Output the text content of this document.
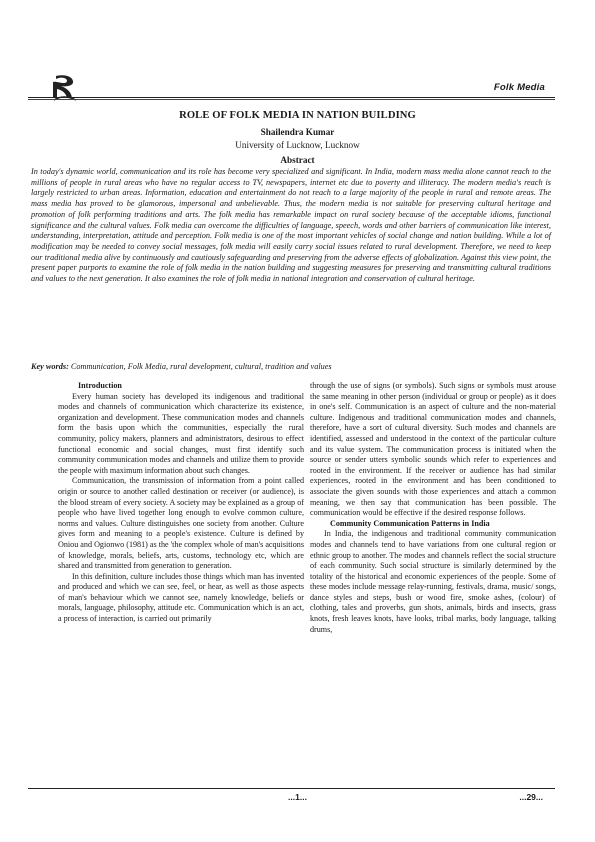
Folk Media
ROLE OF FOLK MEDIA IN NATION BUILDING
Shailendra Kumar
University of Lucknow, Lucknow
Abstract

In today's dynamic world, communication and its role has become very specialized and significant. In India, modern mass media alone cannot reach to the millions of people in rural areas who have no regular access to TV, newspapers, internet etc due to poverty and illiteracy. The modern media's reach is largely restricted to urban areas. Information, education and entertainment do not reach to a large majority of the people in rural and remote areas. The mass media has proved to be glamorous, impersonal and unbelievable. Thus, the modern media is not suitable for preserving cultural heritage and promotion of folk performing traditions and arts. The folk media has remarkable impact on rural society because of the acceptable idioms, functional significance and the cultural values. Folk media can overcome the difficulties of language, speech, words and other barriers of communication like interest, understanding, interpretation, attitude and perception. Folk media is one of the most important vehicles of social change and nation building. While a lot of modification may be needed to convey social messages, folk media will easily carry social issues related to rural development. Therefore, we need to keep our traditional media alive by continuously and cautiously safeguarding and preserving from the adverse effects of globalization. Against this view point, the present paper purports to examine the role of folk media in the nation building and suggesting measures for preserving and transmitting cultural traditions and values to the next generation. It also examines the role of folk media in national integration and conservation of cultural heritage.

Key words: Communication, Folk Media, rural development, cultural, tradition and values

Introduction

Every human society has developed its indigenous and traditional modes and channels of communication which characterize its existence, organization and development. These communication modes and channels form the basis upon which the communities, especially the rural community, policy makers, planners and administrators, desirous to effect functional economic and social changes, must first identify such community communication modes and channels and utilize them to provide the people with maximum information about such changes.

Communication, the transmission of information from a point called origin or source to another called destination or receiver (or audience), is the blood stream of every society. A society may be explained as a group of people who have lived together long enough to evolve common culture, norms and values. Culture distinguishes one society from another. Culture gives form and meaning to a people's existence. Culture is defined by Oniou and Ogionwo (1981) as the 'the complex whole of man's acquisitions of knowledge, morals, beliefs, arts, customs, technology etc, which are shared and transmitted from generation to generation.

In this definition, culture includes those things which man has invented and produced and which we can see, feel, or hear, as well as those aspects of man's behaviour which we cannot see, namely knowledge, beliefs or morals, language, philosophy, attitude etc. Communication which is an act, a process of interaction, is carried out primarily

through the use of signs (or symbols). Such signs or symbols must arouse the same meaning in other person (individual or group or people) as it does in one's self. Communication is an aspect of culture and the non-material culture. Indigenous and traditional communication modes and channels, therefore, have a sort of cultural diversity. Such modes and channels are identified, assessed and understood in the context of the particular culture and its value system. The communication process is initiated when the source or sender utters symbolic sounds which refer to experiences and rooted in the environment. If the receiver or audience has had similar experiences, rooted in the environment and has been conditioned to associate the given sounds with those experiences and attach a common meaning, we then say that communication has been possible. The communication would be effective if the desired response follows.

Community Communication Patterns in India

In India, the indigenous and traditional community communication modes and channels tend to have variations from one cultural region or ethnic group to another. The modes and channels reflect the social structure of each community. Such social structure is similarly determined by the totality of the historical and economic experiences of the people. Some of these modes include message relay-running, festivals, drama, music/ songs, dance styles and steps, bush or wood fire, smoke ashes, (colour) of clothing, tales and proverbs, gun shots, animals, birds and insects, grass knots, fresh leaves knots, have looks, tribal marks, body language, talking drums,

...1...	...29...
